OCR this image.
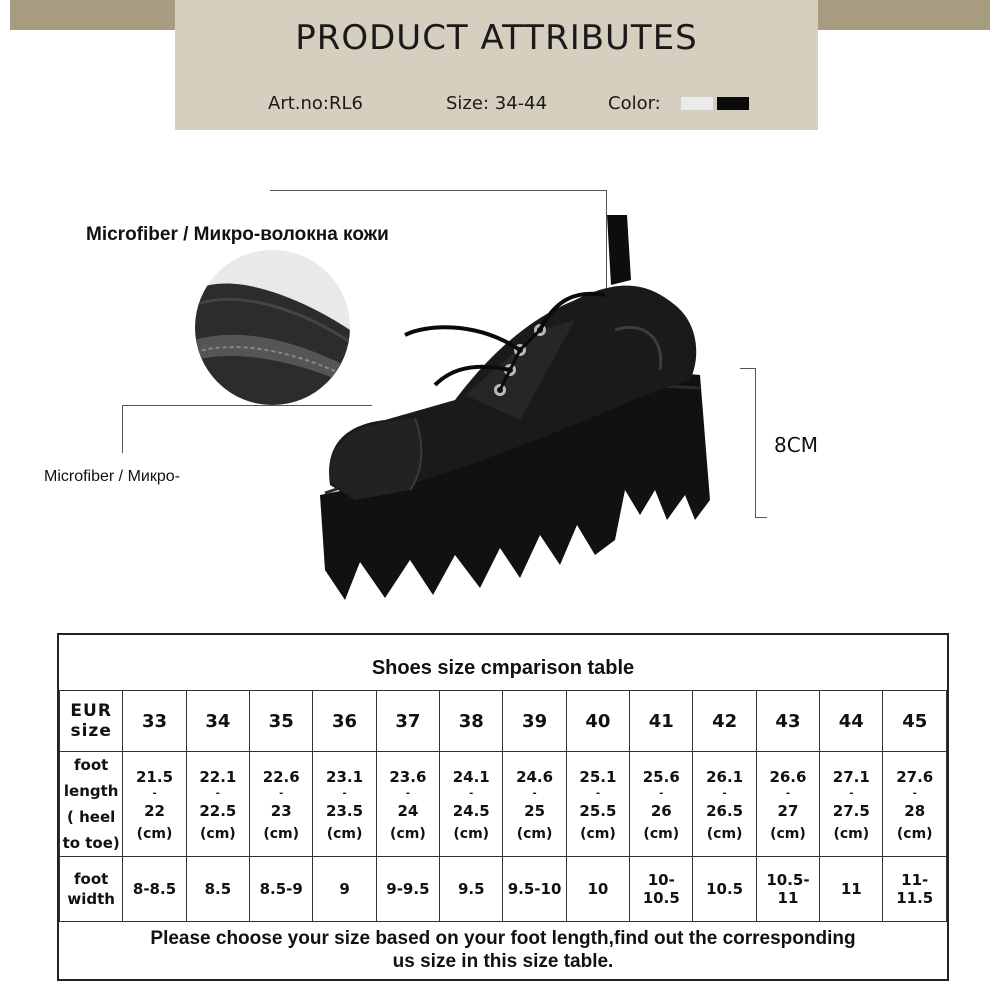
PRODUCT ATTRIBUTES
Art.no:RL6	Size: 34-44	Color:
Microfiber / Микро-волокна кожи
Microfiber / Микро-
8CM
Shoes size cmparison table
EUR
size	33	34	35	36	37	38	39	40	41	42	43	44	45
foot
length
( heel
to toe)	21.5
-
22
(cm)	22.1
-
22.5
(cm)	22.6
-
23
(cm)	23.1
-
23.5
(cm)	23.6
-
24
(cm)	24.1
-
24.5
(cm)	24.6
-
25
(cm)	25.1
-
25.5
(cm)	25.6
-
26
(cm)	26.1
-
26.5
(cm)	26.6
-
27
(cm)	27.1
-
27.5
(cm)	27.6
-
28
(cm)

foot
width	8-8.5	8.5	8.5-9	9	9-9.5	9.5	9.5-10	10	10-10.5	10.5	10.5-11	11	11-11.5
Please choose your size based on your foot length,find out the corresponding
us size in this size table.
